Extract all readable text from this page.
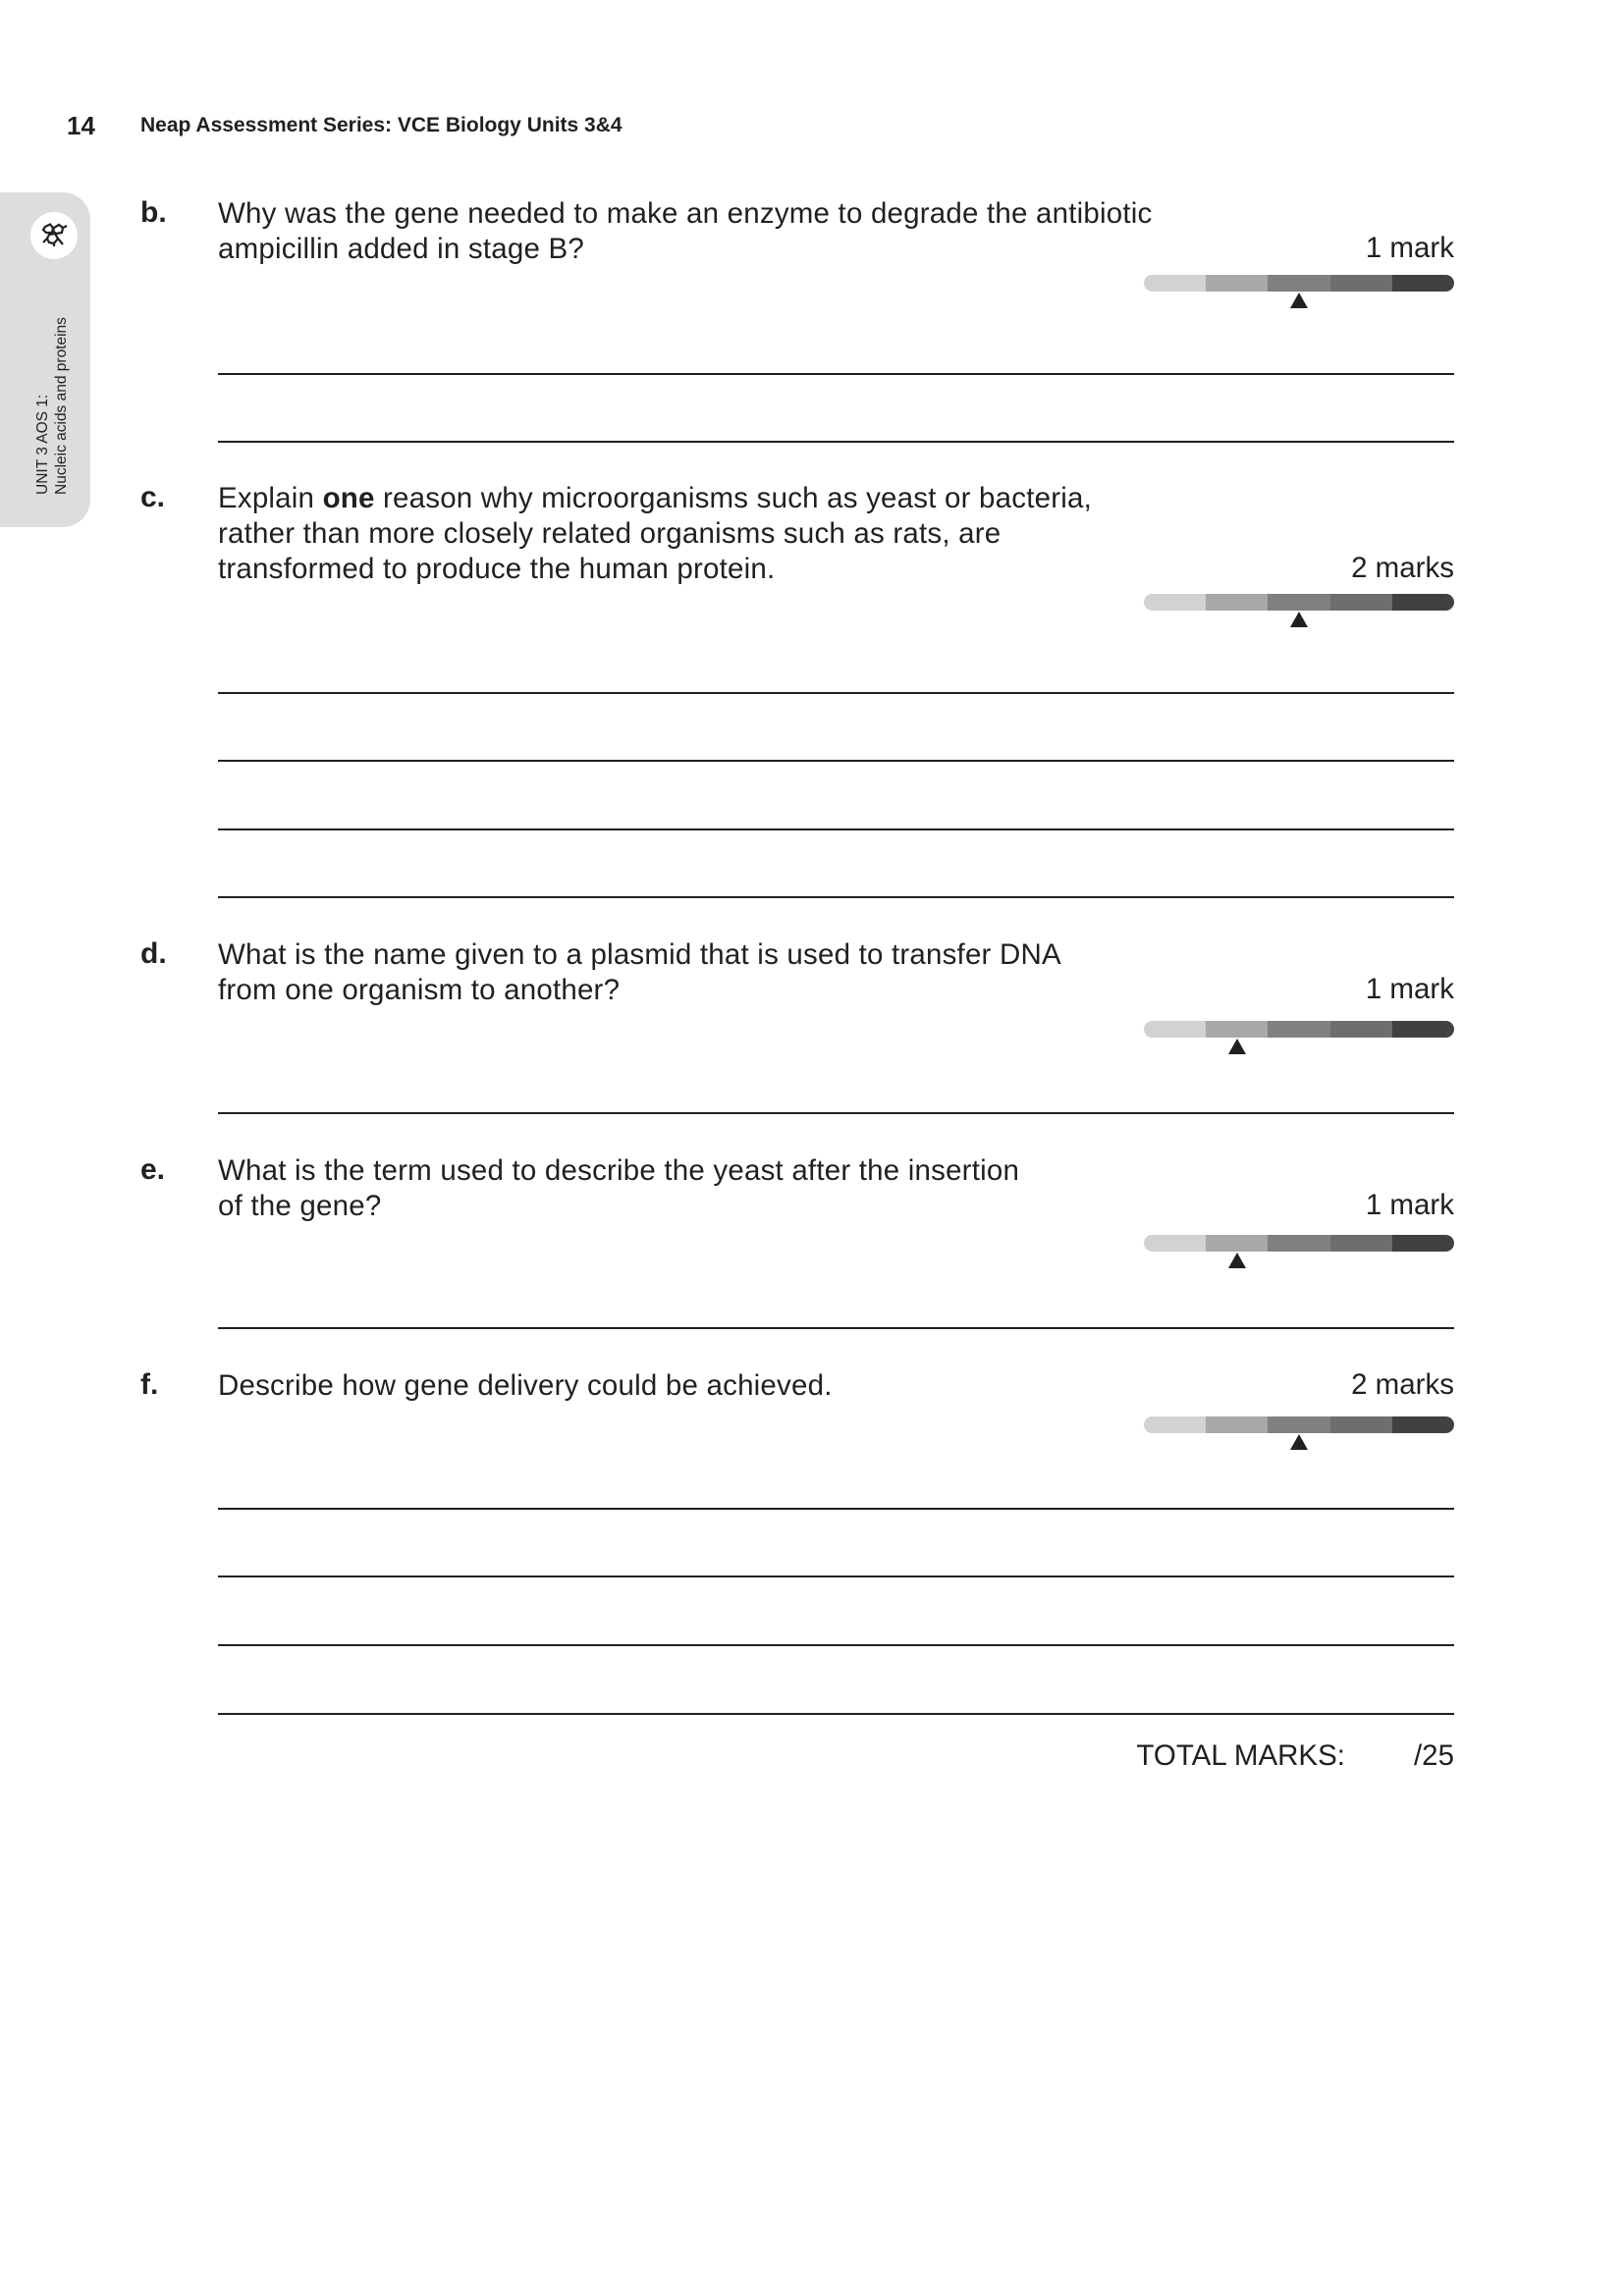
14 Neap Assessment Series: VCE Biology Units 3&4
UNIT 3 AOS 1: Nucleic acids and proteins
b. Why was the gene needed to make an enzyme to degrade the antibiotic
ampicillin added in stage B?	1 mark
c. Explain one reason why microorganisms such as yeast or bacteria,
rather than more closely related organisms such as rats, are
transformed to produce the human protein.	2 marks
d. What is the name given to a plasmid that is used to transfer DNA
from one organism to another?	1 mark
e. What is the term used to describe the yeast after the insertion
of the gene?	1 mark
f. Describe how gene delivery could be achieved.	2 marks
TOTAL MARKS: /25
